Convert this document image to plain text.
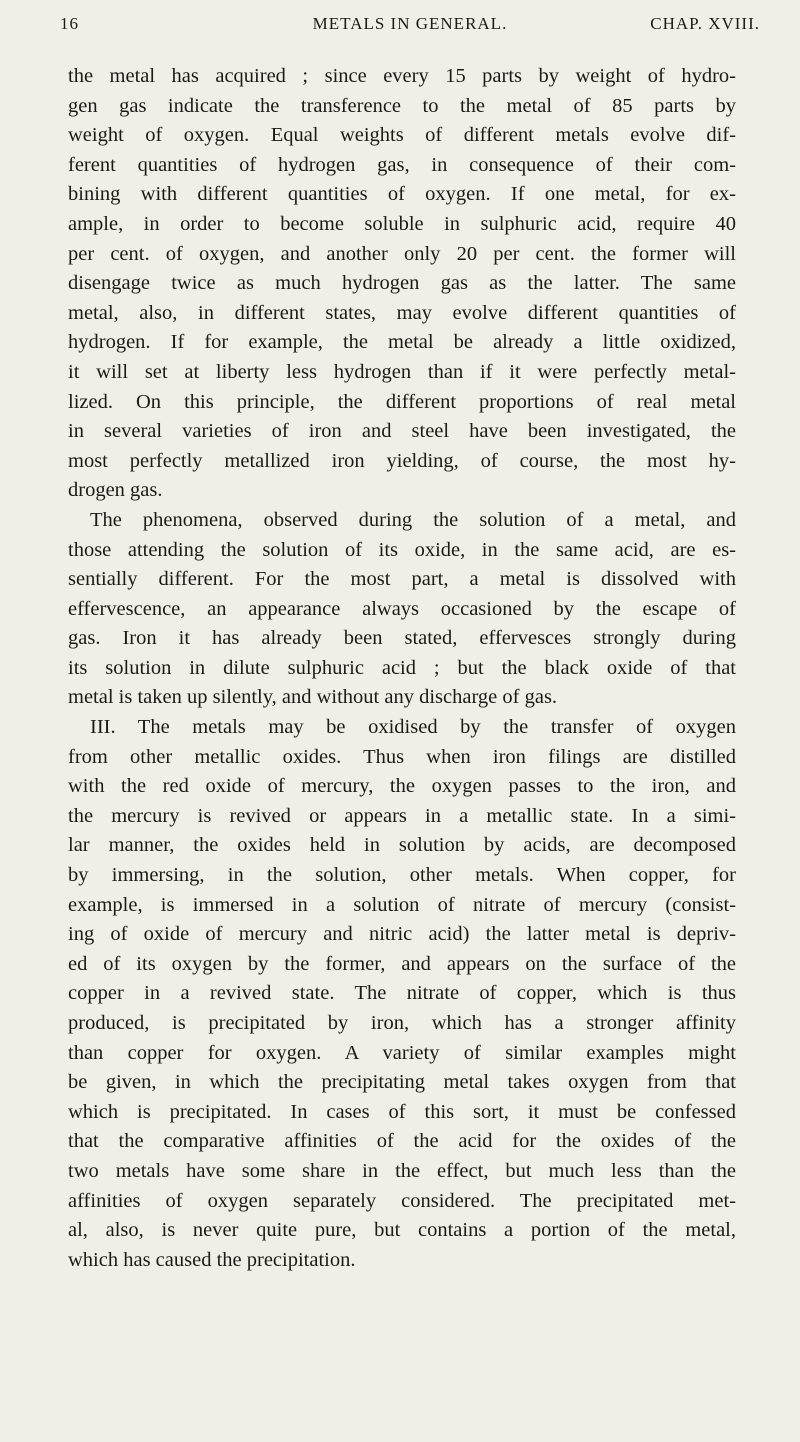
16	METALS IN GENERAL.	CHAP. XVIII.
the metal has acquired ; since every 15 parts by weight of hydro-
gen gas indicate the transference to the metal of 85 parts by
weight of oxygen. Equal weights of different metals evolve dif-
ferent quantities of hydrogen gas, in consequence of their com-
bining with different quantities of oxygen. If one metal, for ex-
ample, in order to become soluble in sulphuric acid, require 40
per cent. of oxygen, and another only 20 per cent. the former will
disengage twice as much hydrogen gas as the latter. The same
metal, also, in different states, may evolve different quantities of
hydrogen. If for example, the metal be already a little oxidized,
it will set at liberty less hydrogen than if it were perfectly metal-
lized. On this principle, the different proportions of real metal
in several varieties of iron and steel have been investigated, the
most perfectly metallized iron yielding, of course, the most hy-
drogen gas.
The phenomena, observed during the solution of a metal, and
those attending the solution of its oxide, in the same acid, are es-
sentially different. For the most part, a metal is dissolved with
effervescence, an appearance always occasioned by the escape of
gas. Iron it has already been stated, effervesces strongly during
its solution in dilute sulphuric acid ; but the black oxide of that
metal is taken up silently, and without any discharge of gas.
III. The metals may be oxidised by the transfer of oxygen
from other metallic oxides. Thus when iron filings are distilled
with the red oxide of mercury, the oxygen passes to the iron, and
the mercury is revived or appears in a metallic state. In a simi-
lar manner, the oxides held in solution by acids, are decomposed
by immersing, in the solution, other metals. When copper, for
example, is immersed in a solution of nitrate of mercury (consist-
ing of oxide of mercury and nitric acid) the latter metal is depriv-
ed of its oxygen by the former, and appears on the surface of the
copper in a revived state. The nitrate of copper, which is thus
produced, is precipitated by iron, which has a stronger affinity
than copper for oxygen. A variety of similar examples might
be given, in which the precipitating metal takes oxygen from that
which is precipitated. In cases of this sort, it must be confessed
that the comparative affinities of the acid for the oxides of the
two metals have some share in the effect, but much less than the
affinities of oxygen separately considered. The precipitated met-
al, also, is never quite pure, but contains a portion of the metal,
which has caused the precipitation.
